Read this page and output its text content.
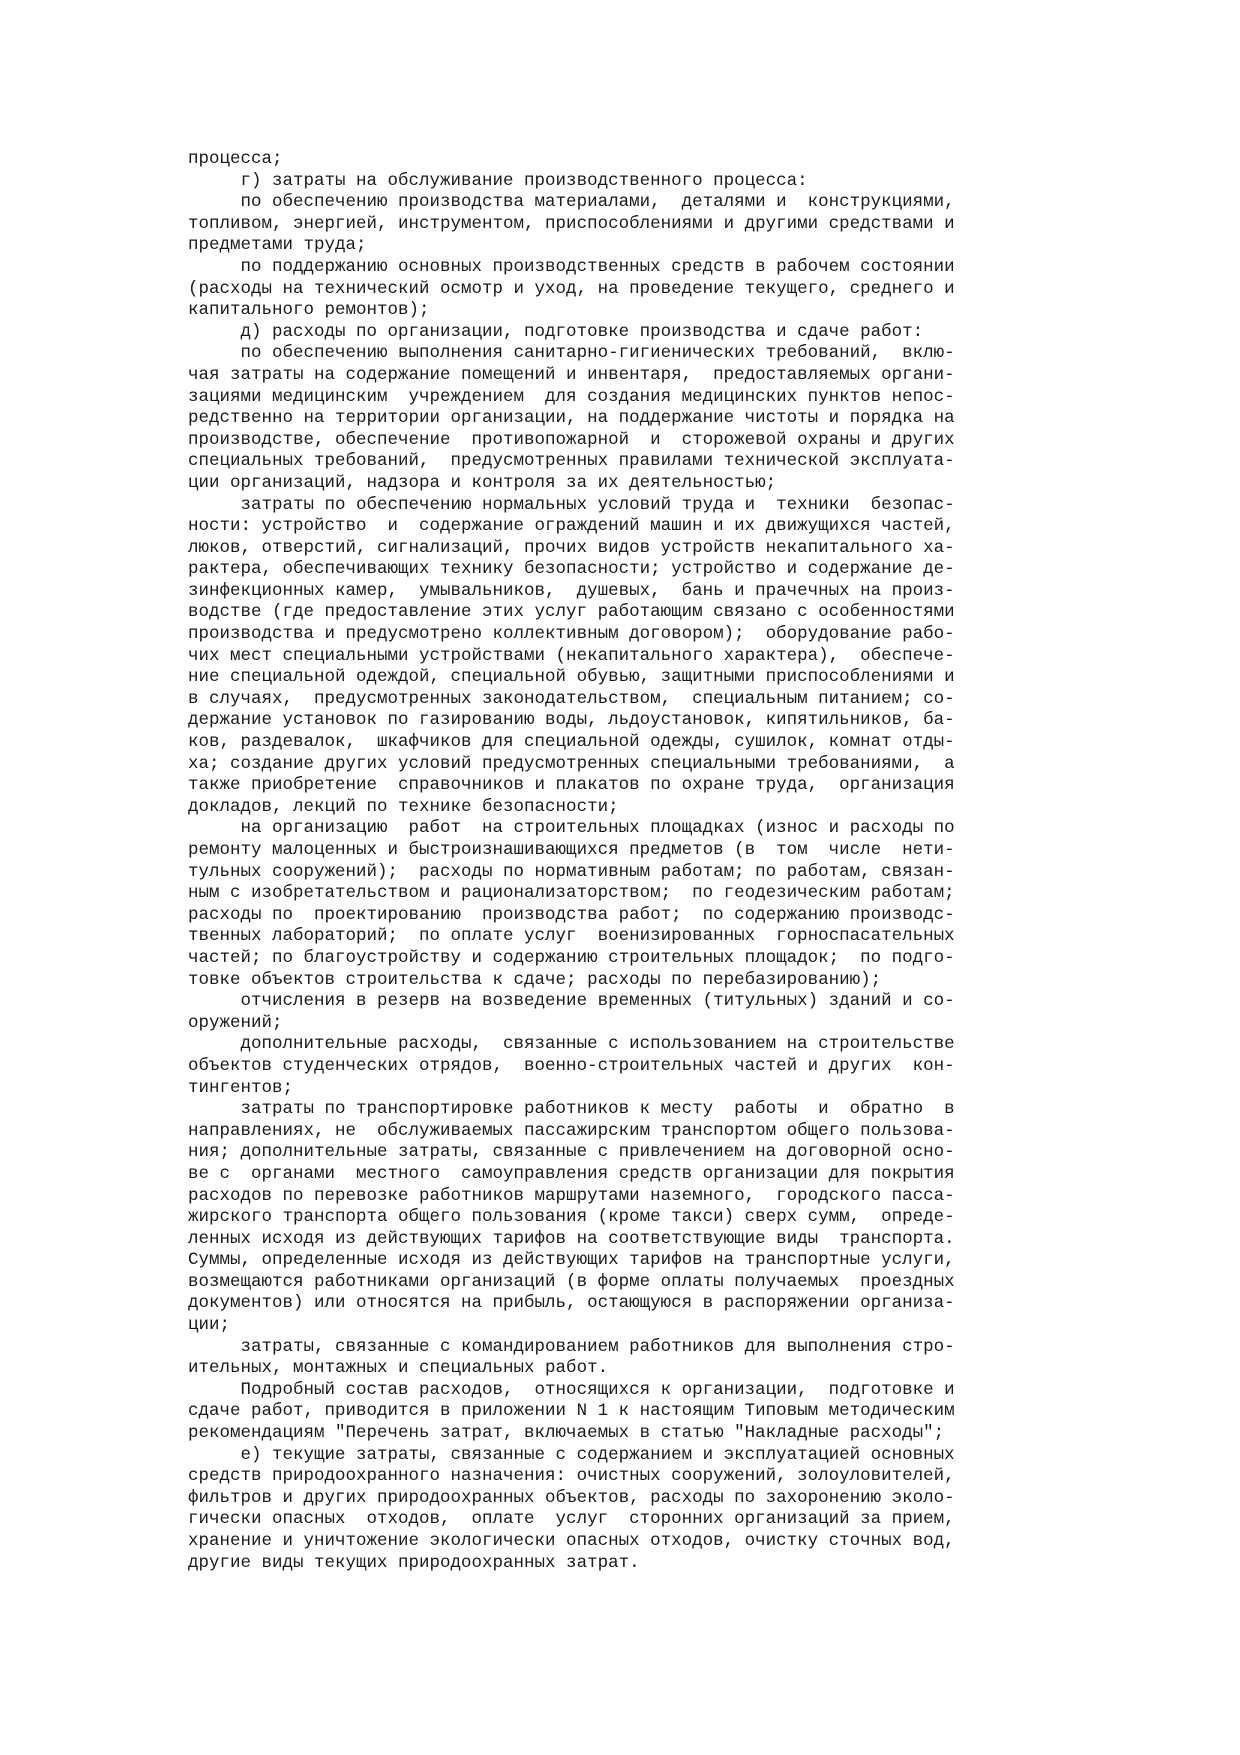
процесса;
г) затраты на обслуживание производственного процесса:
по обеспечению производства материалами,  деталями и  конструкциями,
топливом, энергией, инструментом, приспособлениями и другими средствами и
предметами труда;
по поддержанию основных производственных средств в рабочем состоянии
(расходы на технический осмотр и уход, на проведение текущего, среднего и
капитального ремонтов);
д) расходы по организации, подготовке производства и сдаче работ:
по обеспечению выполнения санитарно-гигиенических требований,  вклю-
чая затраты на содержание помещений и инвентаря,  предоставляемых органи-
зациями медицинским  учреждением  для создания медицинских пунктов непос-
редственно на территории организации, на поддержание чистоты и порядка на
производстве, обеспечение  противопожарной  и  сторожевой охраны и других
специальных требований,  предусмотренных правилами технической эксплуата-
ции организаций, надзора и контроля за их деятельностью;
затраты по обеспечению нормальных условий труда и  техники  безопас-
ности: устройство  и  содержание ограждений машин и их движущихся частей,
люков, отверстий, сигнализаций, прочих видов устройств некапитального ха-
рактера, обеспечивающих технику безопасности; устройство и содержание де-
зинфекционных камер,  умывальников,  душевых,  бань и прачечных на произ-
водстве (где предоставление этих услуг работающим связано с особенностями
производства и предусмотрено коллективным договором);  оборудование рабо-
чих мест специальными устройствами (некапитального характера),  обеспече-
ние специальной одеждой, специальной обувью, защитными приспособлениями и
в случаях,  предусмотренных законодательством,  специальным питанием; со-
держание установок по газированию воды, льдоустановок, кипятильников, ба-
ков, раздевалок,  шкафчиков для специальной одежды, сушилок, комнат отды-
ха; создание других условий предусмотренных специальными требованиями,  а
также приобретение  справочников и плакатов по охране труда,  организация
докладов, лекций по технике безопасности;
на организацию  работ  на строительных площадках (износ и расходы по
ремонту малоценных и быстроизнашивающихся предметов (в  том  числе  нети-
тульных сооружений);  расходы по нормативным работам; по работам, связан-
ным с изобретательством и рационализаторством;  по геодезическим работам;
расходы по  проектированию  производства работ;  по содержанию производс-
твенных лабораторий;  по оплате услуг  военизированных  горноспасательных
частей; по благоустройству и содержанию строительных площадок;  по подго-
товке объектов строительства к сдаче; расходы по перебазированию);
отчисления в резерв на возведение временных (титульных) зданий и со-
оружений;
дополнительные расходы,  связанные с использованием на строительстве
объектов студенческих отрядов,  военно-строительных частей и других  кон-
тингентов;
затраты по транспортировке работников к месту  работы  и  обратно  в
направлениях, не  обслуживаемых пассажирским транспортом общего пользова-
ния; дополнительные затраты, связанные с привлечением на договорной осно-
ве с  органами  местного  самоуправления средств организации для покрытия
расходов по перевозке работников маршрутами наземного,  городского пасса-
жирского транспорта общего пользования (кроме такси) сверх сумм,  опреде-
ленных исходя из действующих тарифов на соответствующие виды  транспорта.
Суммы, определенные исходя из действующих тарифов на транспортные услуги,
возмещаются работниками организаций (в форме оплаты получаемых  проездных
документов) или относятся на прибыль, остающуюся в распоряжении организа-
ции;
затраты, связанные с командированием работников для выполнения стро-
ительных, монтажных и специальных работ.
Подробный состав расходов,  относящихся к организации,  подготовке и
сдаче работ, приводится в приложении N 1 к настоящим Типовым методическим
рекомендациям "Перечень затрат, включаемых в статью "Накладные расходы";
е) текущие затраты, связанные с содержанием и эксплуатацией основных
средств природоохранного назначения: очистных сооружений, золоуловителей,
фильтров и других природоохранных объектов, расходы по захоронению эколо-
гически опасных  отходов,  оплате  услуг  сторонних организаций за прием,
хранение и уничтожение экологически опасных отходов, очистку сточных вод,
другие виды текущих природоохранных затрат.
